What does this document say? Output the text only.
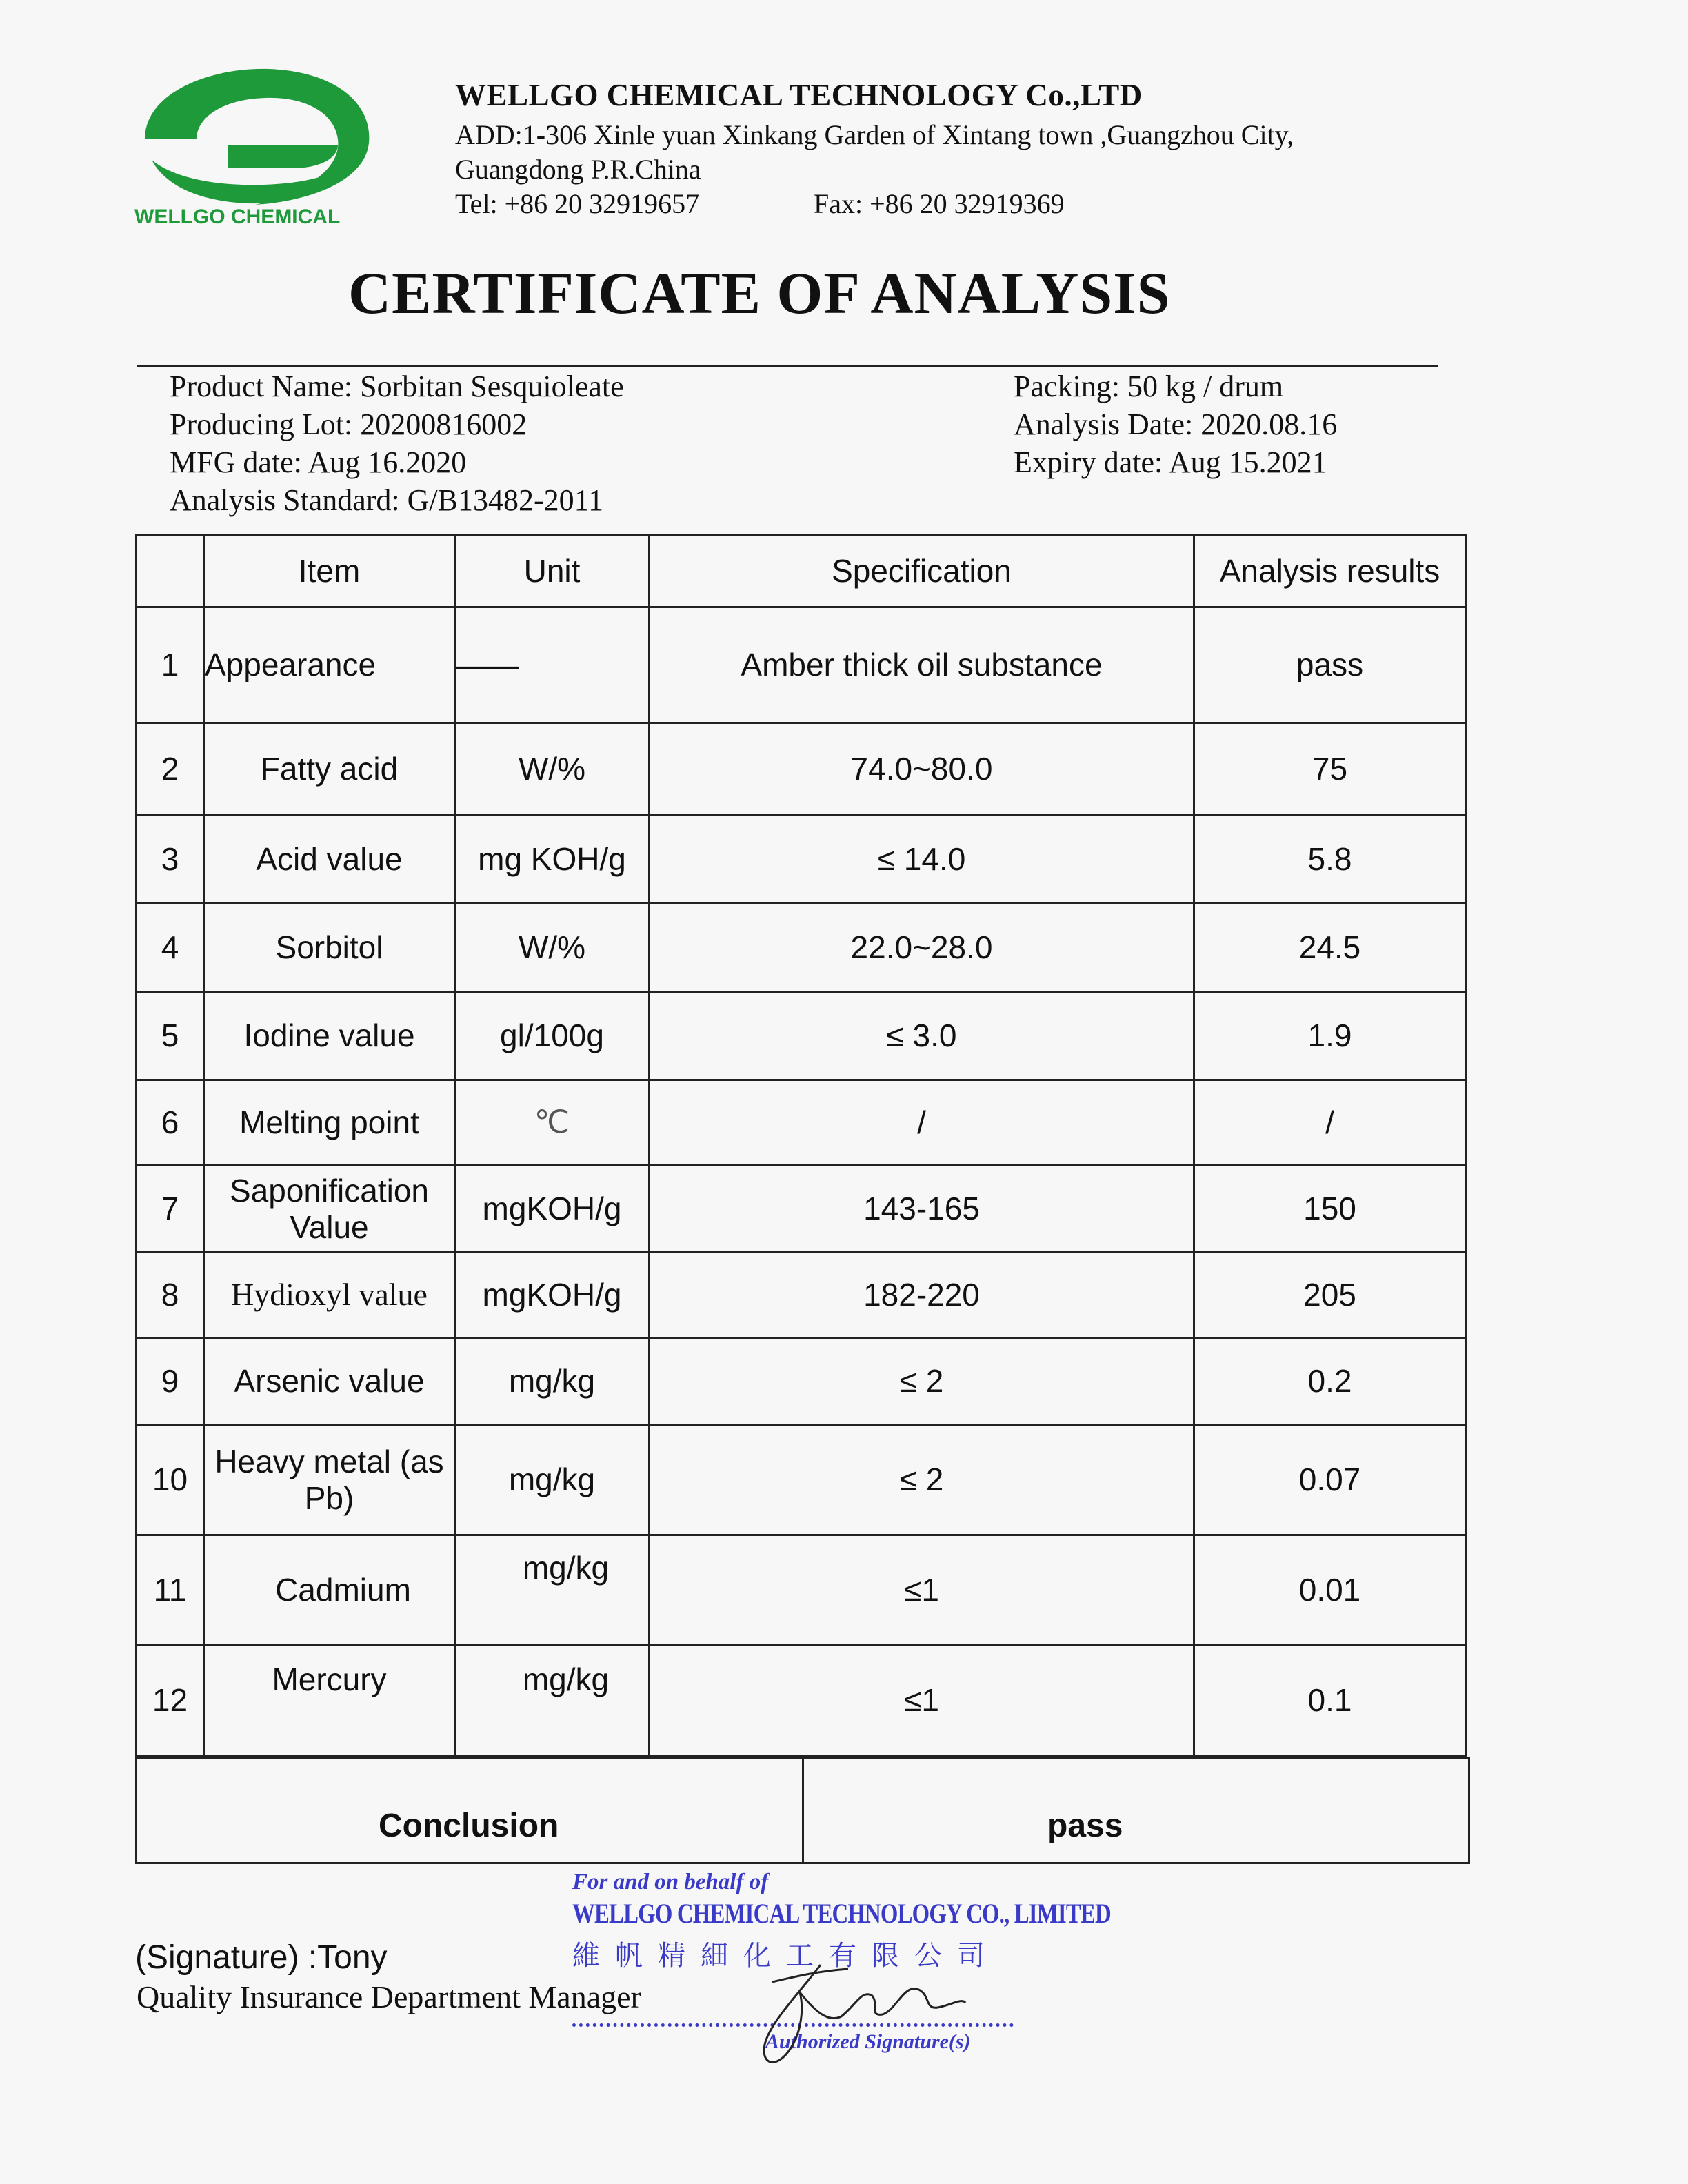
WELLGO CHEMICAL
WELLGO CHEMICAL TECHNOLOGY Co.,LTD
ADD:1-306 Xinle yuan Xinkang Garden of Xintang town ,Guangzhou City,
Guangdong P.R.China
Tel: +86 20 32919657	Fax: +86 20 32919369
CERTIFICATE OF ANALYSIS
Product Name: Sorbitan Sesquioleate
Producing Lot: 20200816002
MFG date: Aug 16.2020
Analysis Standard: G/B13482-2011
Packing: 50 kg / drum
Analysis Date: 2020.08.16
Expiry date: Aug 15.2021
	Item	Unit	Specification	Analysis results
1	Appearance	——	Amber thick oil substance	pass
2	Fatty acid	W/%	74.0~80.0	75
3	Acid value	mg KOH/g	≤ 14.0	5.8
4	Sorbitol	W/%	22.0~28.0	24.5
5	Iodine value	gl/100g	≤ 3.0	1.9
6	Melting point	℃	/	/
7	Saponification Value	mgKOH/g	143-165	150
8	Hydioxyl value	mgKOH/g	182-220	205
9	Arsenic value	mg/kg	≤ 2	0.2
10	Heavy metal (as Pb)	mg/kg	≤ 2	0.07
11	Cadmium	mg/kg	≤1	0.01
12	Mercury	mg/kg	≤1	0.1
Conclusion	pass
(Signature) :Tony
Quality Insurance Department Manager
For and on behalf of
WELLGO CHEMICAL TECHNOLOGY CO., LIMITED
維帆精細化工有限公司
Authorized Signature(s)
